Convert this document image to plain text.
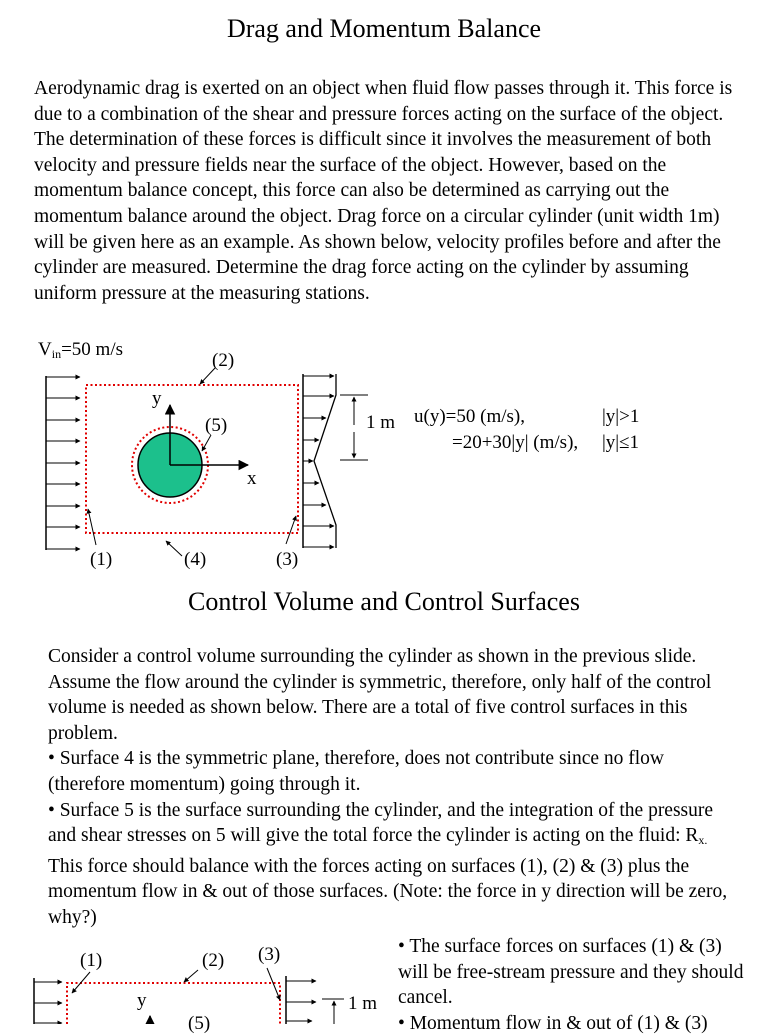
Drag and Momentum Balance

Aerodynamic drag is exerted on an object when fluid flow passes through it. This force is due to a combination of the shear and pressure forces acting on the surface of the object. The determination of these forces is difficult since it involves the measurement of both velocity and pressure fields near the surface of the object. However, based on the momentum balance concept, this force can also be determined as carrying out the momentum balance around the object. Drag force on a circular cylinder (unit width 1m) will be given here as an example. As shown below, velocity profiles before and after the cylinder are measured. Determine the drag force acting on the cylinder by assuming uniform pressure at the measuring stations.

$V_{in}=50$ m/s
(2)
y
(5)
x
(1)	(4)	(3)
1 m u(y)=50 (m/s),	|y|>1
=20+30|y| (m/s), |y|≤1
Control Volume and Control Surfaces

Consider a control volume surrounding the cylinder as shown in the previous slide. Assume the flow around the cylinder is symmetric, therefore, only half of the control volume is needed as shown below. There are a total of five control surfaces in this problem.

• Surface 4 is the symmetric plane, therefore, does not contribute since no flow (therefore momentum) going through it.

• Surface 5 is the surface surrounding the cylinder, and the integration of the pressure and shear stresses on 5 will give the total force the cylinder is acting on the fluid: $R_{x.}$ This force should balance with the forces acting on surfaces (1), (2) & (3) plus the momentum flow in & out of those surfaces. (Note: the force in y direction will be zero, why?)

(1)	(2) (3)
y
(5)
1 m

• The surface forces on surfaces (1) & (3) will be free-stream pressure and they should cancel.

• Momentum flow in & out of (1) & (3)
